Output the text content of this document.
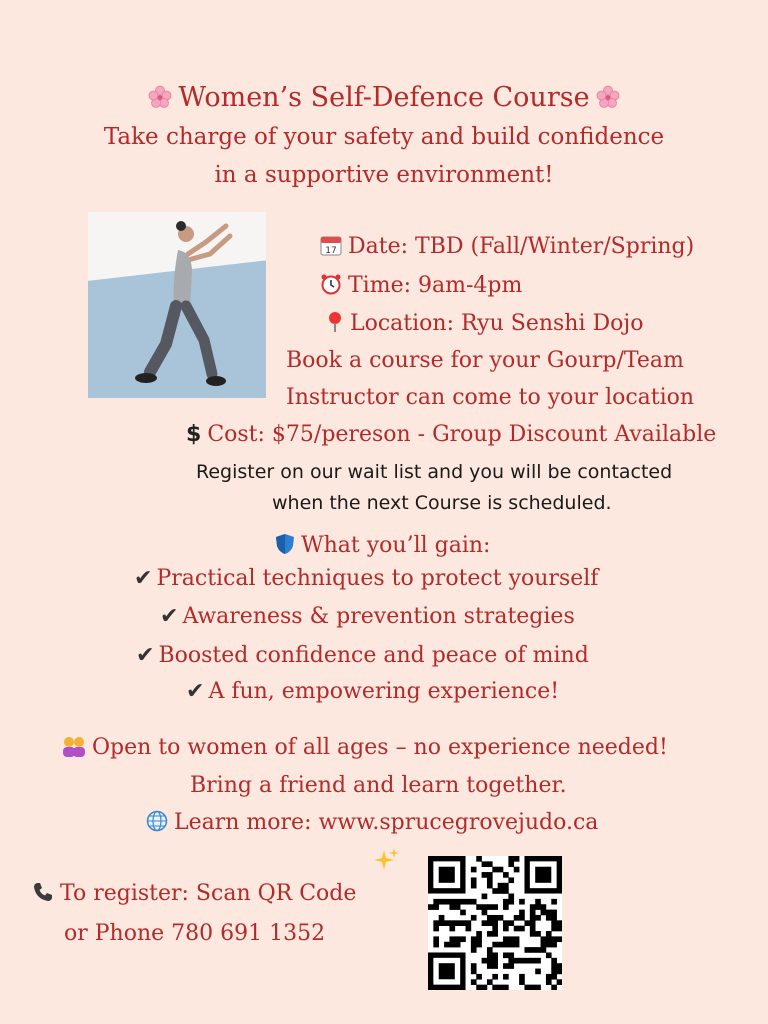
Women’s Self-Defence Course
Take charge of your safety and build confidence
in a supportive environment!
17 Date: TBD (Fall/Winter/Spring)
Time: 9am-4pm
Location: Ryu Senshi Dojo
Book a course for your Gourp/Team
Instructor can come to your location
$ Cost: $75/pereson - Group Discount Available
Register on our wait list and you will be contacted
when the next Course is scheduled.
What you’ll gain:
✔ Practical techniques to protect yourself
✔ Awareness & prevention strategies
✔ Boosted confidence and peace of mind
✔ A fun, empowering experience!
Open to women of all ages – no experience needed!
Bring a friend and learn together.
Learn more: www.sprucegrovejudo.ca
To register: Scan QR Code
or Phone 780 691 1352
